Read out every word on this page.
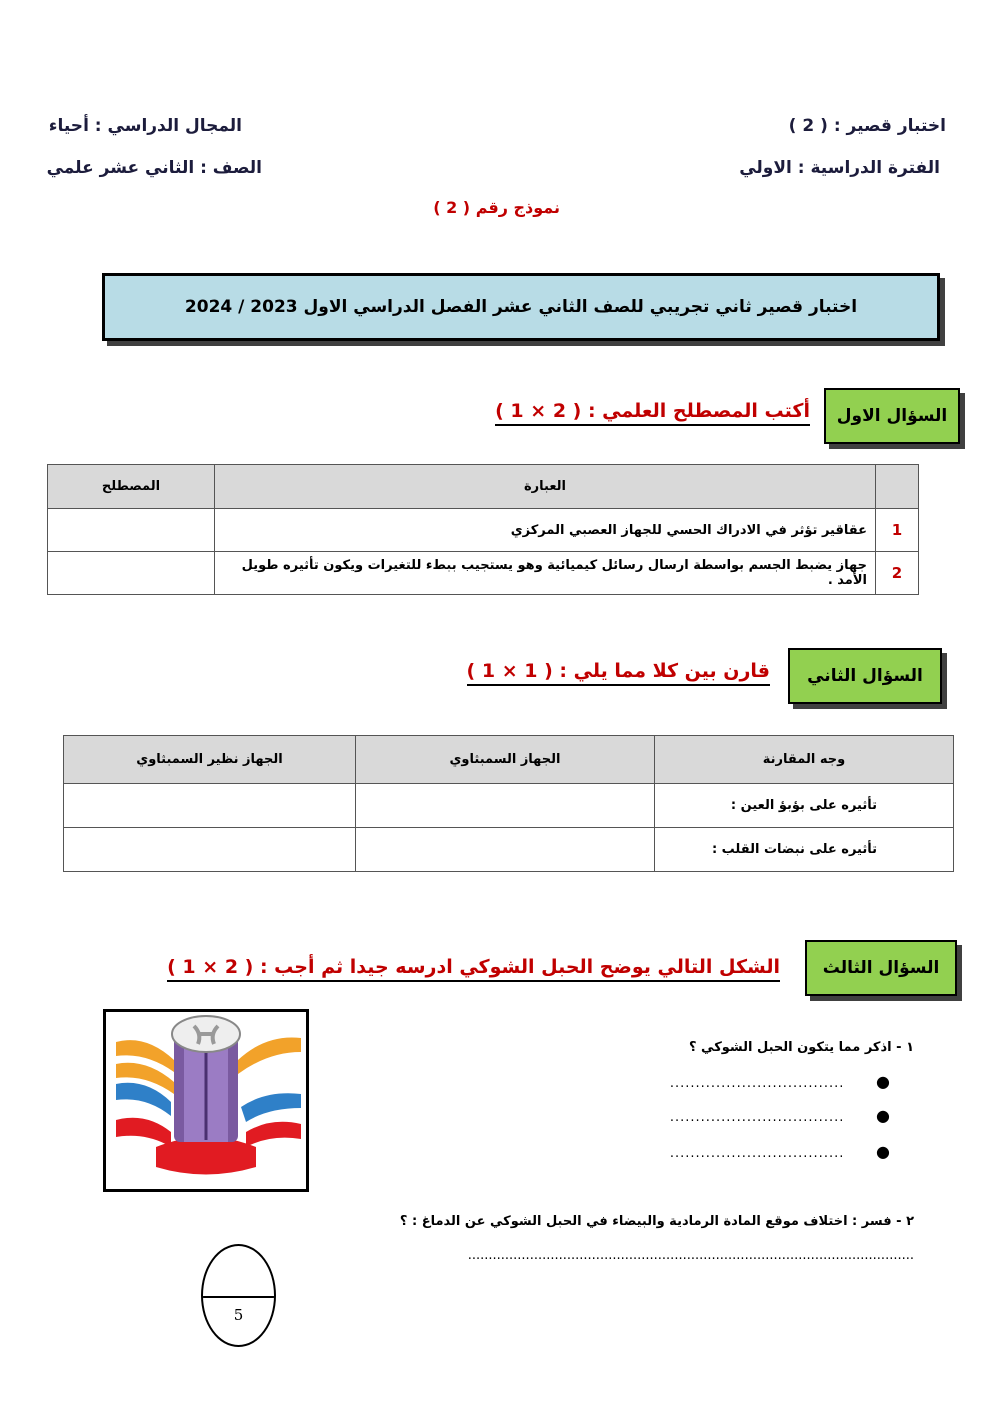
اختبار قصير : ( 2 )
المجال الدراسي : أحياء
الفترة الدراسية : الاولي
الصف : الثاني عشر علمي
نموذج رقم ( 2 )
اختبار قصير ثاني تجريبي للصف الثاني عشر الفصل الدراسي الاول 2023 / 2024
السؤال الاول
أكتب المصطلح العلمي : ( 2 × 1 )
	العبارة	المصطلح
1	عقاقير تؤثر في الادراك الحسي للجهاز العصبي المركزي	
2	جهاز يضبط الجسم بواسطة ارسال رسائل كيميائية وهو يستجيب ببطء للتغيرات ويكون تأثيره طويل الأمد .	
السؤال الثاني
قارن بين كلا مما يلي : ( 1 × 1 )
وجه المقارنة	الجهاز السمبثاوي	الجهاز نظير السمبثاوي
تأثيره على بؤبؤ العين :		
تأثيره على نبضات القلب :		
السؤال الثالث
الشكل التالي يوضح الحبل الشوكي ادرسه جيدا ثم أجب : ( 2 × 1 )
١ - اذكر مما يتكون الحبل الشوكي ؟
●       ..................................
●       ..................................
●       ..................................
٢ - فسر : اختلاف موقع المادة الرمادية والبيضاء في الحبل الشوكي عن الدماغ : ؟
............................................................................................................
5
